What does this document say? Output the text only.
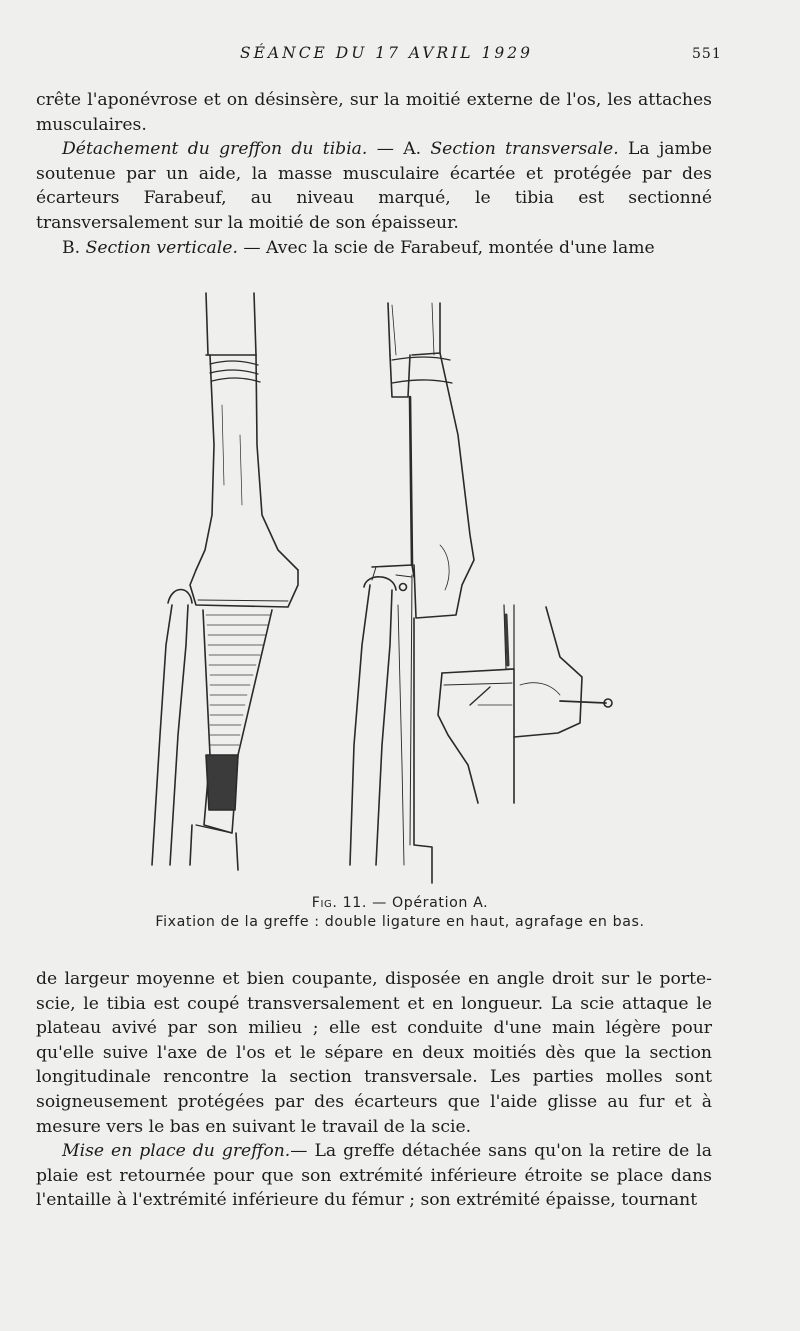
SÉANCE DU 17 AVRIL 1929	551

crête l'aponévrose et on désinsère, sur la moitié externe de l'os, les attaches musculaires.

Détachement du greffon du tibia. — A. Section transversale. La jambe soutenue par un aide, la masse musculaire écartée et protégée par des écarteurs Farabeuf, au niveau marqué, le tibia est sectionné transversalement sur la moitié de son épaisseur.

B. Section verticale. — Avec la scie de Farabeuf, montée d'une lame

Fig. 11. — Opération A.
Fixation de la greffe : double ligature en haut, agrafage en bas.

de largeur moyenne et bien coupante, disposée en angle droit sur le porte-scie, le tibia est coupé transversalement et en longueur. La scie attaque le plateau avivé par son milieu ; elle est conduite d'une main légère pour qu'elle suive l'axe de l'os et le sépare en deux moitiés dès que la section longitudinale rencontre la section transversale. Les parties molles sont soigneusement protégées par des écarteurs que l'aide glisse au fur et à mesure vers le bas en suivant le travail de la scie.

Mise en place du greffon.— La greffe détachée sans qu'on la retire de la plaie est retournée pour que son extrémité inférieure étroite se place dans l'entaille à l'extrémité inférieure du fémur ; son extrémité épaisse, tournant
